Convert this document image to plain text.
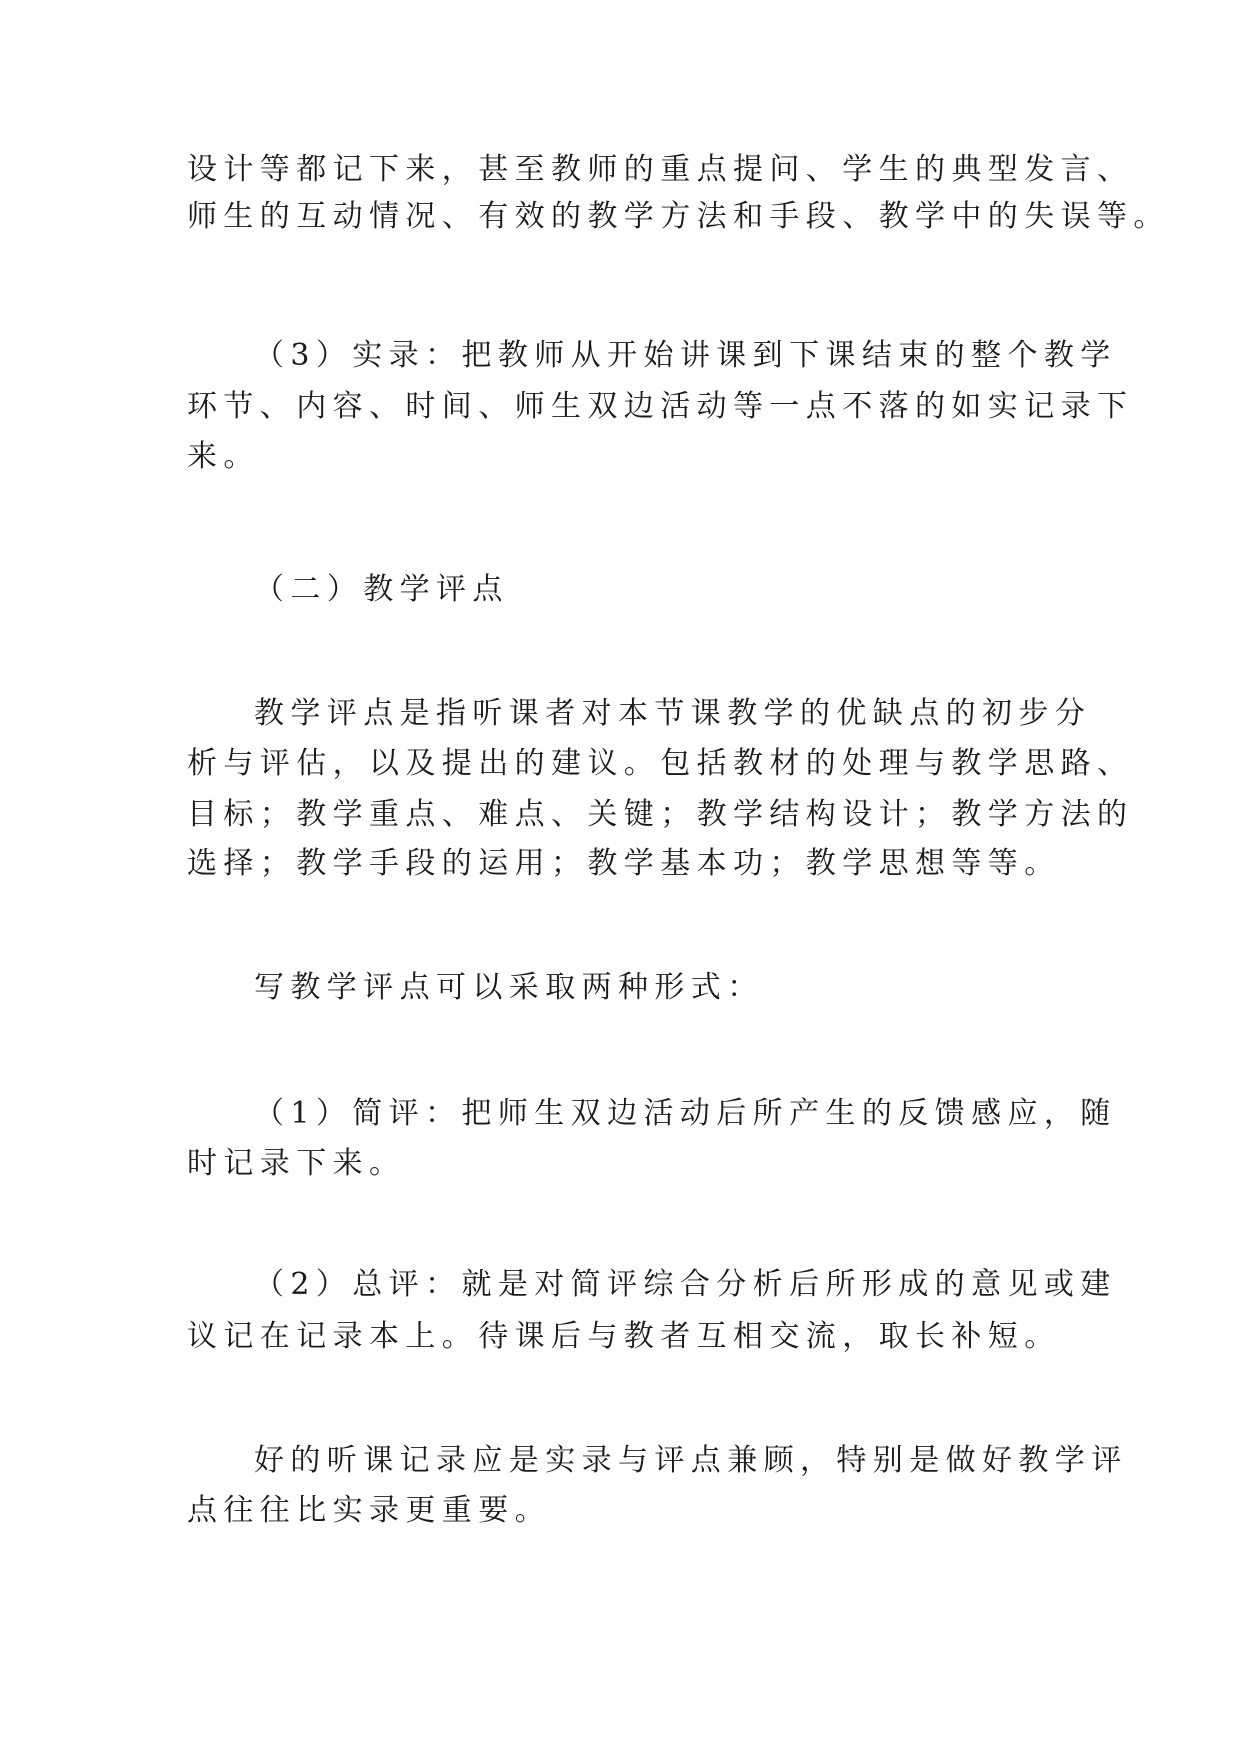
设计等都记下来，甚至教师的重点提问、学生的典型发言、
师生的互动情况、有效的教学方法和手段、教学中的失误等。
（3）实录：把教师从开始讲课到下课结束的整个教学
环节、内容、时间、师生双边活动等一点不落的如实记录下
来。
（二）教学评点
教学评点是指听课者对本节课教学的优缺点的初步分
析与评估，以及提出的建议。包括教材的处理与教学思路、
目标；教学重点、难点、关键；教学结构设计；教学方法的
选择；教学手段的运用；教学基本功；教学思想等等。
写教学评点可以采取两种形式：
（1）简评：把师生双边活动后所产生的反馈感应，随
时记录下来。
（2）总评：就是对简评综合分析后所形成的意见或建
议记在记录本上。待课后与教者互相交流，取长补短。
好的听课记录应是实录与评点兼顾，特别是做好教学评
点往往比实录更重要。
